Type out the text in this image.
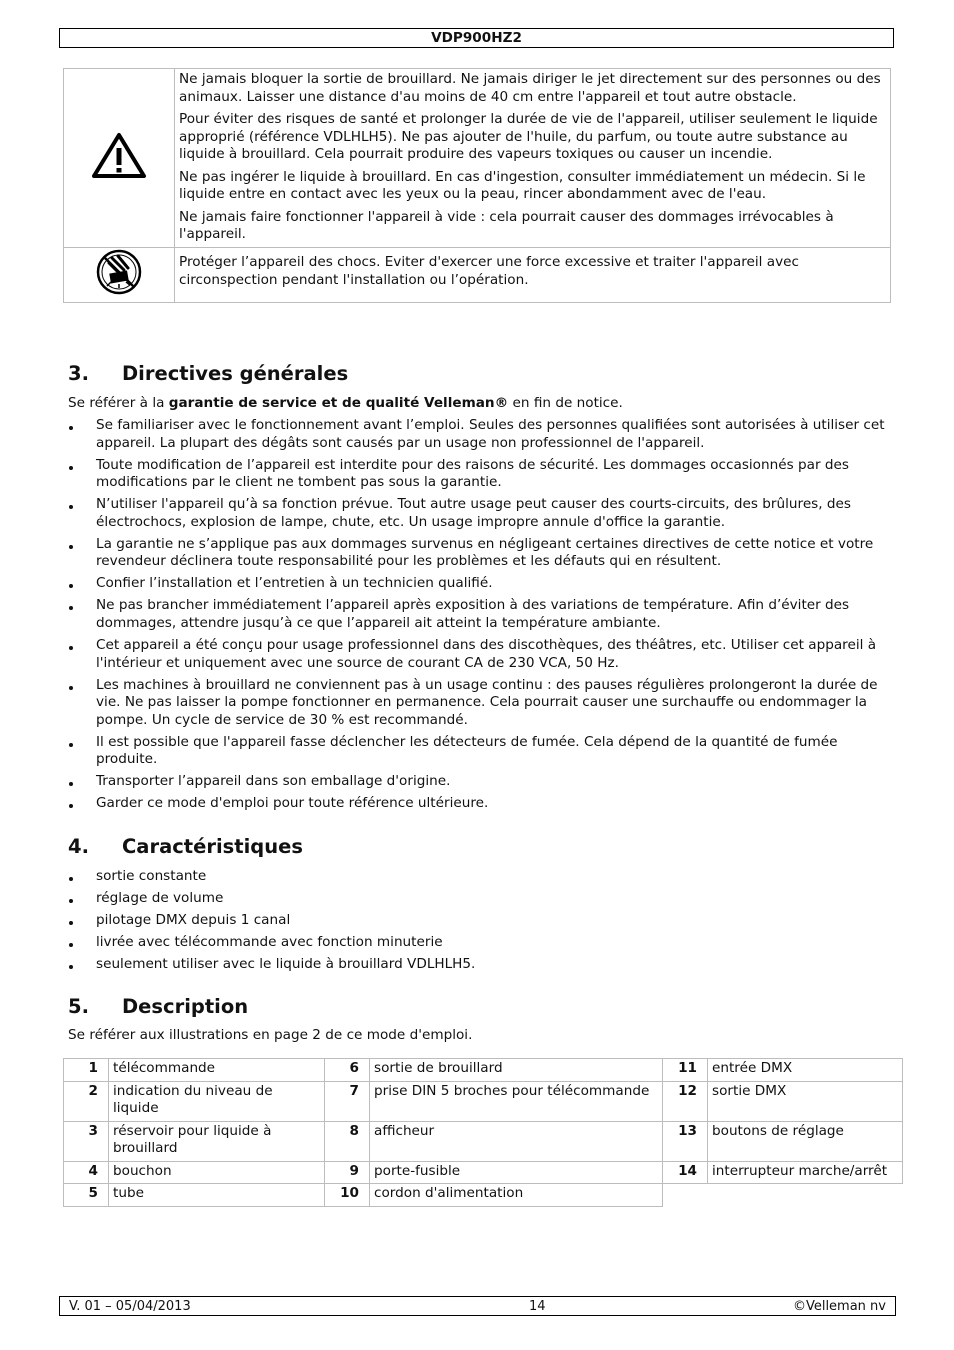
VDP900HZ2

Ne jamais bloquer la sortie de brouillard. Ne jamais diriger le jet directement sur des personnes ou des animaux. Laisser une distance d'au moins de 40 cm entre l'appareil et tout autre obstacle.

Pour éviter des risques de santé et prolonger la durée de vie de l'appareil, utiliser seulement le liquide approprié (référence VDLHLH5). Ne pas ajouter de l'huile, du parfum, ou toute autre substance au liquide à brouillard. Cela pourrait produire des vapeurs toxiques ou causer un incendie.

Ne pas ingérer le liquide à brouillard. En cas d'ingestion, consulter immédiatement un médecin. Si le liquide entre en contact avec les yeux ou la peau, rincer abondamment avec de l'eau.

Ne jamais faire fonctionner l'appareil à vide : cela pourrait causer des dommages irrévocables à l'appareil.

	Protéger l’appareil des chocs. Eviter d'exercer une force excessive et traiter l'appareil avec circonspection pendant l'installation ou l’opération.
3. Directives générales
Se référer à la garantie de service et de qualité Velleman® en fin de notice.
Se familiariser avec le fonctionnement avant l’emploi. Seules des personnes qualifiées sont autorisées à utiliser cet appareil. La plupart des dégâts sont causés par un usage non professionnel de l'appareil.
Toute modification de l’appareil est interdite pour des raisons de sécurité. Les dommages occasionnés par des modifications par le client ne tombent pas sous la garantie.
N’utiliser l'appareil qu’à sa fonction prévue. Tout autre usage peut causer des courts-circuits, des brûlures, des électrochocs, explosion de lampe, chute, etc. Un usage impropre annule d'office la garantie.
La garantie ne s’applique pas aux dommages survenus en négligeant certaines directives de cette notice et votre revendeur déclinera toute responsabilité pour les problèmes et les défauts qui en résultent.
Confier l’installation et l’entretien à un technicien qualifié.
Ne pas brancher immédiatement l’appareil après exposition à des variations de température. Afin d’éviter des dommages, attendre jusqu’à ce que l’appareil ait atteint la température ambiante.
Cet appareil a été conçu pour usage professionnel dans des discothèques, des théâtres, etc. Utiliser cet appareil à l'intérieur et uniquement avec une source de courant CA de 230 VCA, 50 Hz.
Les machines à brouillard ne conviennent pas à un usage continu : des pauses régulières prolongeront la durée de vie. Ne pas laisser la pompe fonctionner en permanence. Cela pourrait causer une surchauffe ou endommager la pompe. Un cycle de service de 30 % est recommandé.
Il est possible que l'appareil fasse déclencher les détecteurs de fumée. Cela dépend de la quantité de fumée produite.
Transporter l’appareil dans son emballage d'origine.
Garder ce mode d'emploi pour toute référence ultérieure.
4. Caractéristiques
sortie constante
réglage de volume
pilotage DMX depuis 1 canal
livrée avec télécommande avec fonction minuterie
seulement utiliser avec le liquide à brouillard VDLHLH5.
5. Description
Se référer aux illustrations en page 2 de ce mode d'emploi.
1	télécommande	6	sortie de brouillard	11	entrée DMX
2	indication du niveau de liquide	7	prise DIN 5 broches pour télécommande	12	sortie DMX
3	réservoir pour liquide à brouillard	8	afficheur	13	boutons de réglage
4	bouchon	9	porte-fusible	14	interrupteur marche/arrêt
5	tube	10	cordon d'alimentation		
V. 01 – 05/04/2013	14	©Velleman nv
